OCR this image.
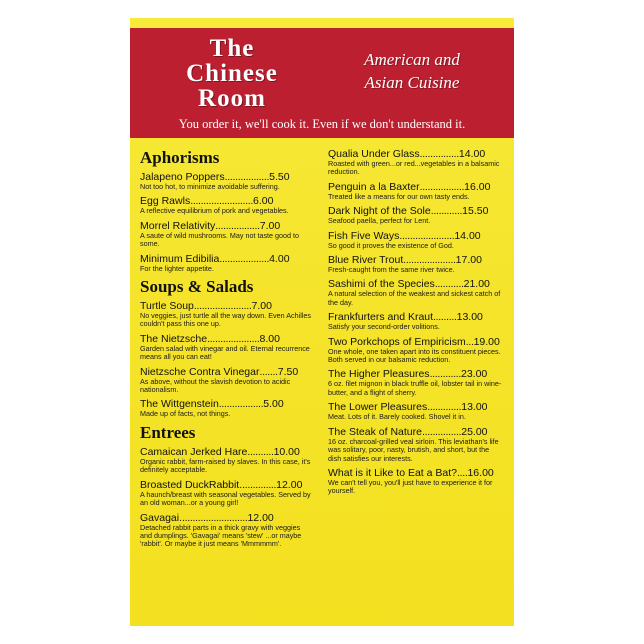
The
Chinese
Room
American and
Asian Cuisine
You order it, we'll cook it. Even if we don't understand it.
Aphorisms
Jalapeno Poppers.................5.50
Not too hot, to minimize avoidable suffering.
Egg Rawls........................6.00
A reflective equilibrium of pork and vegetables.
Morrel Relativity.................7.00
A saute of wild mushrooms. May not taste good to some.
Minimum Edibilia...................4.00
For the lighter appetite.
Soups & Salads
Turtle Soup......................7.00
No veggies, just turtle all the way down. Even Achilles couldn't pass this one up.
The Nietzsche....................8.00
Garden salad with vinegar and oil. Eternal recurrence means all you can eat!
Nietzsche Contra Vinegar.......7.50
As above, without the slavish devotion to acidic nationalism.
The Wittgenstein.................5.00
Made up of facts, not things.
Entrees
Camaican Jerked Hare..........10.00
Organic rabbit, farm-raised by slaves. In this case, it's definitely acceptable.
Broasted DuckRabbit..............12.00
A haunch/breast with seasonal vegetables. Served by an old woman...or a young girl!
Gavagai..........................12.00
Detached rabbit parts in a thick gravy with veggies and dumplings. 'Gavagai' means 'stew' ...or maybe 'rabbit'. Or maybe it just means 'Mmmmmm'.
Qualia Under Glass...............14.00
Roasted with green...or red...vegetables in a balsamic reduction.
Penguin a la Baxter.................16.00
Treated like a means for our own tasty ends.
Dark Night of the Sole............15.50
Seafood paella, perfect for Lent.
Fish Five Ways.....................14.00
So good it proves the existence of God.
Blue River Trout....................17.00
Fresh-caught from the same river twice.
Sashimi of the Species...........21.00
A natural selection of the weakest and sickest catch of the day.
Frankfurters and Kraut.........13.00
Satisfy your second-order volitions.
Two Porkchops of Empiricism...19.00
One whole, one taken apart into its constituent pieces. Both served in our balsamic reduction.
The Higher Pleasures............23.00
6 oz. filet mignon in black truffle oil, lobster tail in wine-butter, and a flight of sherry.
The Lower Pleasures.............13.00
Meat. Lots of it. Barely cooked. Shovel it in.
The Steak of Nature...............25.00
16 oz. charcoal-grilled veal sirloin. This leviathan's life was solitary, poor, nasty, brutish, and short, but the dish satisfies our interests.
What is it Like to Eat a Bat?....16.00
We can't tell you, you'll just have to experience it for yourself.
